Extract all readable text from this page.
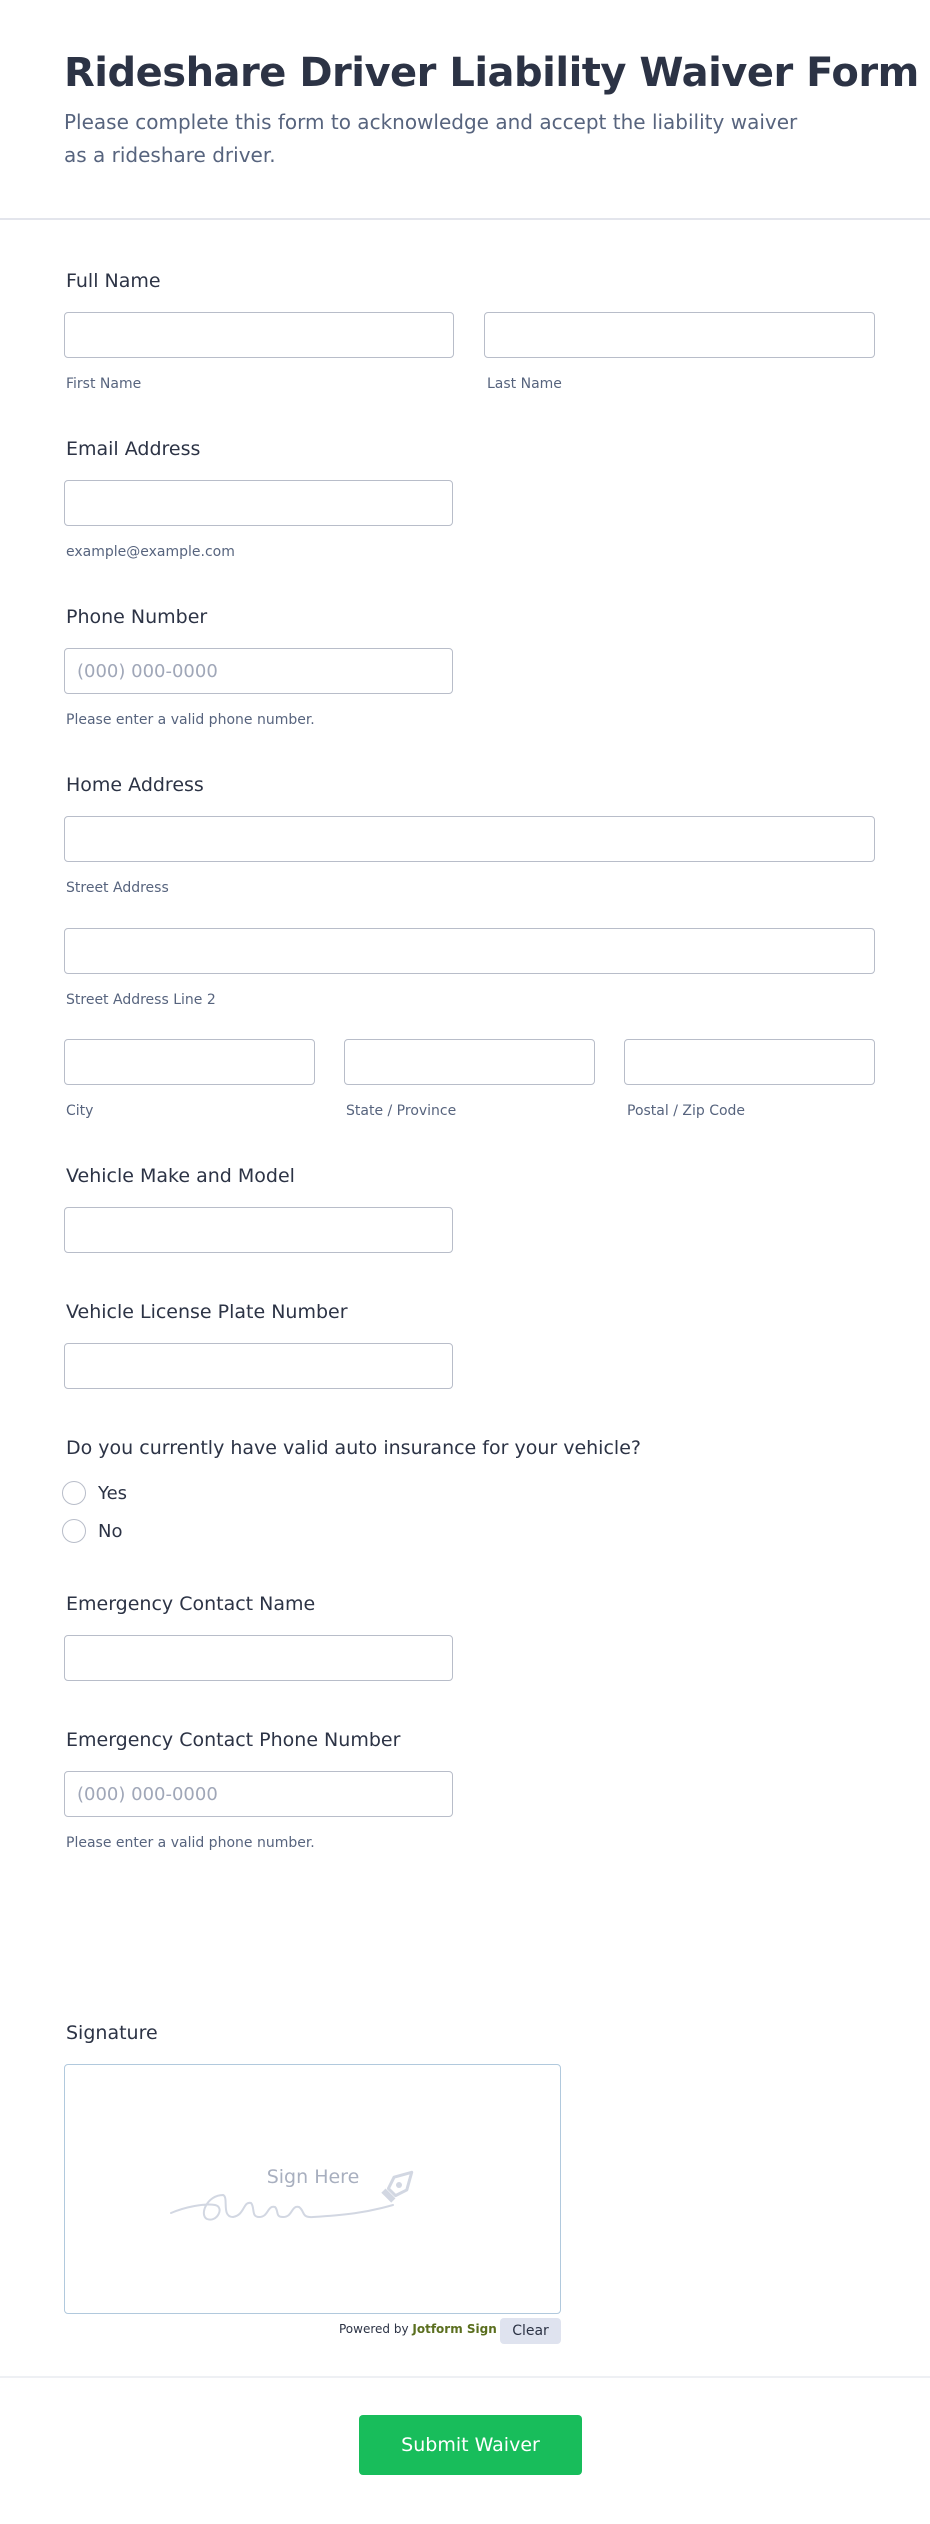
Rideshare Driver Liability Waiver Form

Please complete this form to acknowledge and accept the liability waiver as a rideshare driver.

Full Name
First Name	Last Name
Email Address
example@example.com
Phone Number
(000) 000-0000
Please enter a valid phone number.
Home Address
Street Address
Street Address Line 2
City	State / Province	Postal / Zip Code
Vehicle Make and Model
Vehicle License Plate Number
Do you currently have valid auto insurance for your vehicle?
Yes
No
Emergency Contact Name
Emergency Contact Phone Number
(000) 000-0000
Please enter a valid phone number.
Signature
Sign Here
Powered by Jotform Sign	Clear
Submit Waiver
